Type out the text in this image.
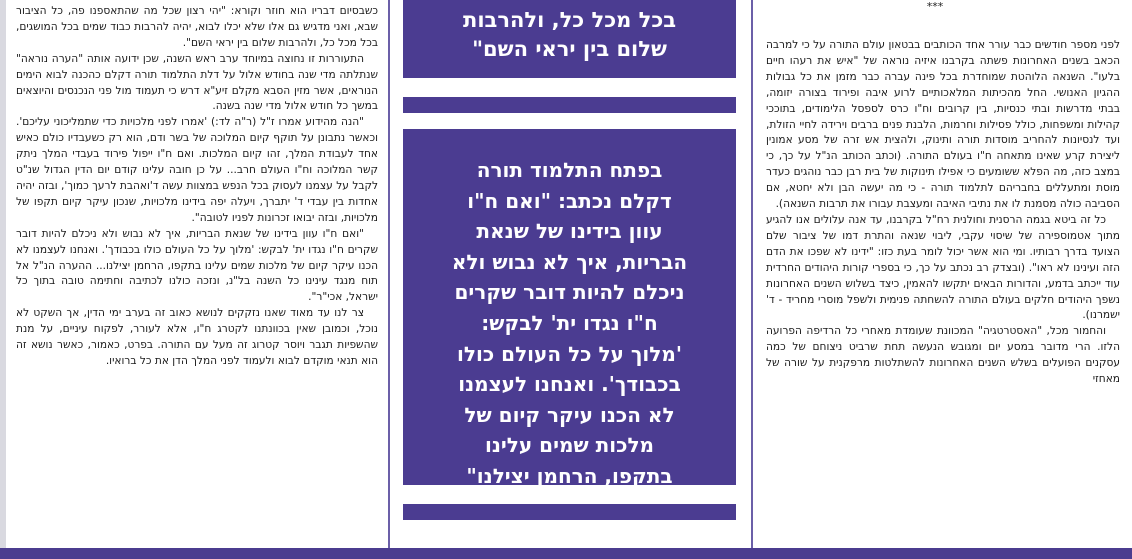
***

כשבסיום דבריו הוא חוזר וקורא: "יהי רצון שכל מה שהתאספנו פה, כל הציבור שבא, ואני מדגיש גם אלו שלא יכלו לבוא, יהיה להרבות כבוד שמים בכל המושגים, בכל מכל כל, ולהרבות שלום בין יראי השם".

התעוררות זו נחוצה במיוחד ערב ראש השנה, שכן ידועה אותה "הערה נוראה" שנתלתה מדי שנה בחודש אלול על דלת התלמוד תורה דקלם כהכנה לבוא הימים הנוראים, אשר מזין הסבא מקלם זיע"א דרש כי תעמוד מול פני הנכנסים והיוצאים במשך כל חודש אלול מדי שנה בשנה.

"הנה מהידוע אמרו ז"ל (ר"ה לד:) 'אמרו לפני מלכויות כדי שתמליכוני עליכם'. וכאשר נתבונן על תוקף קיום המלוכה של בשר ודם, הוא רק כשעבדיו כולם כאיש אחד לעבודת המלך, זהו קיום המלכות. ואם ח"ו ייפול פירוד בעבדי המלך ניתק קשר המלוכה וח"ו העולם חרב... על כן חובה עלינו קודם יום הדין הגדול שנ"ט לקבל על עצמנו לעסוק בכל הנפש במצוות עשה ד'ואהבת לרעך כמוך', ובזה יהיה אחדות בין עבדי ד' יתברך, ויעלה יפה בידינו מלכויות, שנכון עיקר קיום תקפו של מלכויות, ובזה יבואו זכרונות לפניו לטובה".

"ואם ח"ו עוון בידינו של שנאת הבריות, איך לא נבוש ולא ניכלם להיות דובר שקרים ח"ו נגדו ית' לבקש: 'מלוך על כל העולם כולו בכבודך'. ואנחנו לעצמנו לא הכנו עיקר קיום של מלכות שמים עלינו בתקפו, הרחמן יצילנו... ההערה הנ"ל אל תוח מנגד עינינו כל השנה בל"נ, ונזכה כולנו לכתיבה וחתימה טובה בתוך כל ישראל, אכי"ר".

צר לנו עד מאוד שאנו נזקקים לנושא כאוב זה בערב ימי הדין, אך השקט לא נוכל, וכמובן שאין בכוונתנו לקטרג ח"ו, אלא לעורר, לפקוח עיניים, על מנת שהשפיות תגבר ויוסר קטרוג זה מעל עם התורה. בפרט, כאמור, כאשר נושא זה הוא תנאי מוקדם לבוא ולעמוד לפני המלך הדן את כל ברואיו.

בכל מכל כל, ולהרבות
שלום בין יראי השם"
בפתח התלמוד תורה
דקלם נכתב: "ואם ח"ו
עוון בידינו של שנאת
הבריות, איך לא נבוש ולא
ניכלם להיות דובר שקרים
ח"ו נגדו ית' לבקש:
'מלוך על כל העולם כולו
בכבודך'. ואנחנו לעצמנו
לא הכנו עיקר קיום של
מלכות שמים עלינו
בתקפו, הרחמן יצילנו"

לפני מספר חודשים כבר עורר אחד הכותבים בבטאון עולם התורה על כי למרבה הכאב בשנים האחרונות פשתה בקרבנו איזיה נוראה של "איש את רעהו חיים בלעו". השנאה הלוהטת שמוחדרת בכל פינה עברה כבר מזמן את כל גבולות ההגיון האנושי. החל מהכיתות המלאכותיים לרוע איבה ופירוד בצורה יזומה, בבתי מדרשות ובתי כנסיות, בין קרובים וח"ו כרס לספסל הלימודים, בתוככי קהילות ומשפחות, כולל פסילות וחרמות, הלבנת פנים ברבים וירידה לחיי הזולת, ועד לנסיונות להחריב מוסדות תורה ותינוק, ולהצית אש זרה של מסע אמונין ליצירת קרע שאינו מתאחה ח"ו בעולם התורה. (וכתב הכותב הנ"ל על כך, כי במצב כזה, מה הפלא ששומעים כי אפילו תינוקות של בית רבן כבר נוהגים כעדר מוסת ומתעללים בחבריהם לתלמוד תורה - כי מה יעשה הבן ולא יחטא, אם הסביבה כולה מסמנת לו את נתיבי האיבה ומעצבת עבורו את תרבות השנאה).

כל זה ביטא בגמה הרסנית וחולנית רח"ל בקרבנו, עד אנה עלולים אנו להגיע מתוך אטמוספירה של שיסוי עקבי, ליבוי שנאה והתרת דמו של ציבור שלם הצועד בדרך רבותיו. ומי הוא אשר יכול לומר בעת כזו: "ידינו לא שפכו את הדם הזה ועינינו לא ראו". (ובצדק רב נכתב על כך, כי בספרי קורות היהודים החרדית עוד ייכתב בדמע, והדורות הבאים יתקשו להאמין, כיצד בשלוש השנים האחרונות נשפך היהודים חלקים בעולם התורה להשחתה פנימית ולשפל מוסרי מחריד - ד' ישמרנו).

והחמור מכל, "האסטרטגיה" המכוונת שעומדת מאחרי כל הרדיפה הפרועה הלזו. הרי מדובר במסע יום ומגובש הנעשה תחת שרביט ניצוחם של כמה עסקנים הפועלים בשלש השנים האחרונות להשתלטות מרפקנית על שורה של מאחזי
